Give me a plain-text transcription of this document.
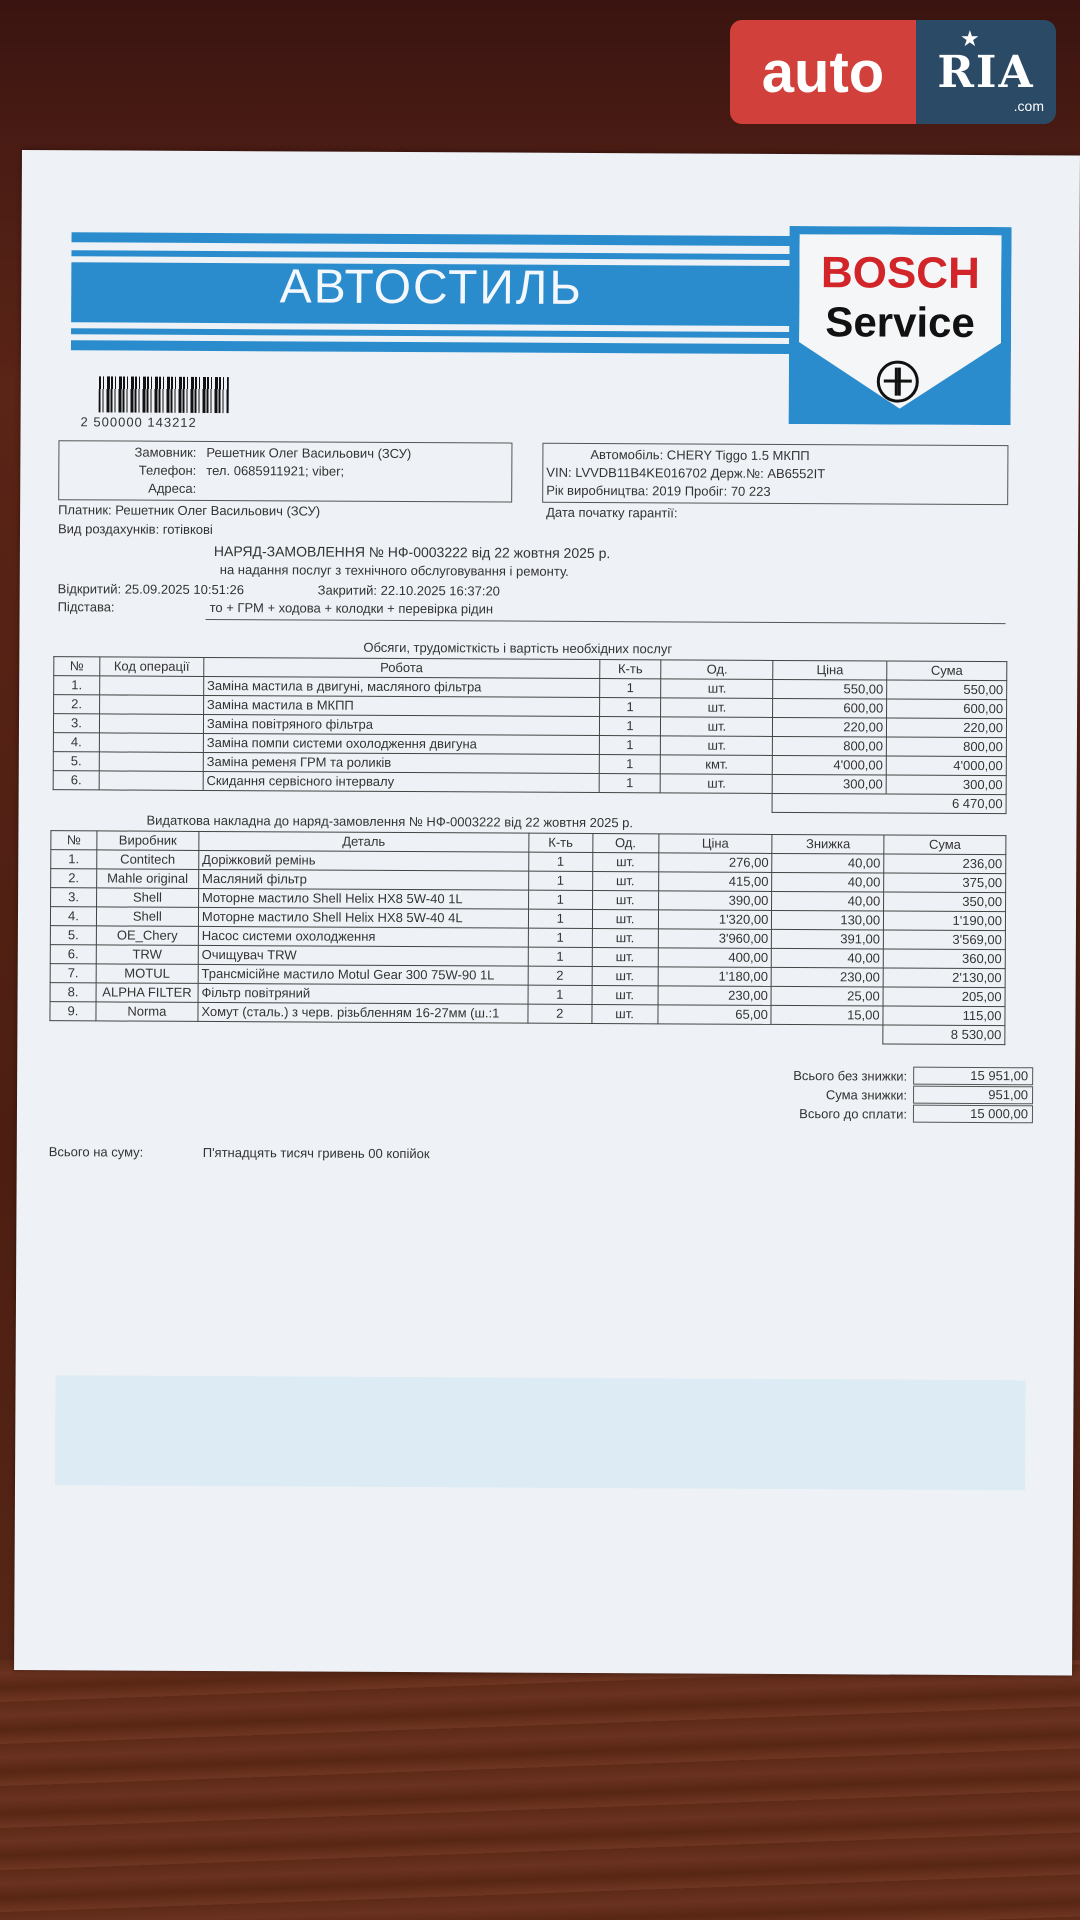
auto
★
RIA
.com
АВТОСТИЛЬ	BOSCH
Service
2 500000 143212
Замовник: Решетник Олег Васильович (ЗСУ)
Телефон: тел. 0685911921; viber;
Адреса:
Платник: Решетник Олег Васильович (ЗСУ)
Вид роздахунків: готівкові
Автомобіль: CHERY Tiggo 1.5 МКПП
VIN: LVVDB11B4KE016702 Держ.№: AB6552IT
Рік виробництва: 2019 Пробіг: 70 223
Дата початку гарантії:
НАРЯД-ЗАМОВЛЕННЯ № НФ-0003222 від 22 жовтня 2025 р.
на надання послуг з технічного обслуговування і ремонту.
Відкритий: 25.09.2025 10:51:26	Закритий: 22.10.2025 16:37:20
Підстава:	то + ГРМ + ходова + колодки + перевірка рідин
Обсяги, трудомісткість і вартість необхідних послуг
№	Код операції	Робота	К-ть	Од.	Ціна	Сума
1.		Заміна мастила в двигуні, масляного фільтра	1	шт.	550,00	550,00
2.		Заміна мастила в МКПП	1	шт.	600,00	600,00
3.		Заміна повітряного фільтра	1	шт.	220,00	220,00
4.		Заміна помпи системи охолодження двигуна	1	шт.	800,00	800,00
5.		Заміна ременя ГРМ та роликів	1	кмт.	4'000,00	4'000,00
6.		Скидання сервісного інтервалу	1	шт.	300,00	300,00
					6 470,00	
Видаткова накладна до наряд-замовлення № НФ-0003222 від 22 жовтня 2025 р.
№	Виробник	Деталь	К-ть	Од.	Ціна	Знижка	Сума
1.	Contitech	Доріжковий ремінь	1	шт.	276,00	40,00	236,00
2.	Mahle original	Масляний фільтр	1	шт.	415,00	40,00	375,00
3.	Shell	Моторне мастило Shell Helix HX8 5W-40 1L	1	шт.	390,00	40,00	350,00
4.	Shell	Моторне мастило Shell Helix HX8 5W-40 4L	1	шт.	1'320,00	130,00	1'190,00
5.	OE_Chery	Насос системи охолодження	1	шт.	3'960,00	391,00	3'569,00
6.	TRW	Очищувач TRW	1	шт.	400,00	40,00	360,00
7.	MOTUL	Трансмісійне мастило Motul Gear 300 75W-90 1L	2	шт.	1'180,00	230,00	2'130,00
8.	ALPHA FILTER	Фільтр повітряний	1	шт.	230,00	25,00	205,00
9.	Norma	Хомут (сталь.) з черв. різьбленням 16-27мм (ш.:1	2	шт.	65,00	15,00	115,00
							8 530,00
Всього без знижки:	15 951,00
Сума знижки:	951,00
Всього до сплати:	15 000,00
Всього на суму:	П'ятнадцять тисяч гривень 00 копійок
